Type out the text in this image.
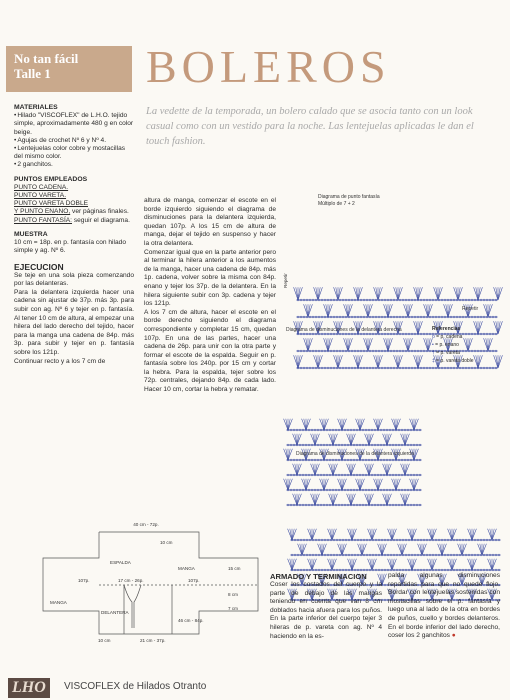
No tan fácil
Talle 1	BOLEROS
La vedette de la temporada, un bolero calado que se asocia tanto con un look casual como con un vestido para la noche. Las lentejuelas aplicadas le dan el touch fashion.
MATERIALES
• Hilado "VISCOFLEX" de L.H.O. tejido simple, aproximadamente 480 g en color beige.
• Agujas de crochet Nº 6 y Nº 4.
• Lentejuelas color cobre y mostacillas del mismo color.
• 2 ganchitos.
PUNTOS EMPLEADOS
PUNTO CADENA.
PUNTO VARETA.
PUNTO VARETA DOBLE
Y PUNTO ENANO, ver páginas finales.
PUNTO FANTASÍA: seguir el diagrama.
MUESTRA
10 cm = 18p. en p. fantasía con hilado simple y ag. Nº 6.
EJECUCION
Se teje en una sola pieza comenzando por las delanteras.
Para la delantera izquierda hacer una cadena sin ajustar de 37p. más 3p. para subir con ag. Nº 6 y tejer en p. fantasía. Al tener 10 cm de altura, al empezar una hilera del lado derecho del tejido, hacer para la manga una cadena de 84p. más 3p. para subir y tejer en p. fantasía sobre los 121p.
Continuar recto y a los 7 cm de
altura de manga, comenzar el escote en el borde izquierdo siguiendo el diagrama de disminuciones para la delantera izquierda, quedan 107p. A los 15 cm de altura de manga, dejar el tejido en suspenso y hacer la otra delantera.
Comenzar igual que en la parte anterior pero al terminar la hilera anterior a los aumentos de la manga, hacer una cadena de 84p. más 1p. cadena, volver sobre la misma con 84p. enano y tejer los 37p. de la delantera. En la hilera siguiente subir con 3p. cadena y tejer los 121p.
A los 7 cm de altura, hacer el escote en el borde derecho siguiendo el diagrama correspondiente y completar 15 cm, quedan 107p. En una de las partes, hacer una cadena de 26p. para unir con la otra parte y formar el escote de la espalda. Seguir en p. fantasía sobre los 240p. por 15 cm y cortar la hebra. Para la espalda, tejer sobre los 72p. centrales, dejando 84p. de cada lado. Hacer 10 cm, cortar la hebra y rematar.
Diagrama de punto fantasía
Múltiplo de 7 + 2
Repetir
Repetir
Diagrama de disminuciones de la delantera derecha	Referencias
o = p. cadena
• = p. enano
† = p. vareta
‡ = p. vareta doble
Diagrama de disminuciones de la delantera izquierda
40 cm - 72p.
10 cm
ESPALDA
MANGA	15 cm
8 cm
7 cm
107p.	17 cm - 26p.	107p.
MANGA
DELANTERA
46 cm - 84p.
10 cm	21 cm - 37p.
ARMADO Y TERMINACION
Coser los costados del cuerpo y la parte de debajo de las mangas teniendo en cuenta que van 8 cm doblados hacia afuera para los puños. En la parte inferior del cuerpo tejer 3 hileras de p. vareta con ag. Nº 4 haciendo en la es-
palda algunas disminuciones repartidas para que no quede flojo. Bordar con lentejuelas sostenidas con mostacillas sobre el p. fantasía y luego una al lado de la otra en bordes de puños, cuello y bordes delanteros. En el borde inferior del lado derecho, coser los 2 ganchitos ●
LHO	VISCOFLEX de Hilados Otranto
